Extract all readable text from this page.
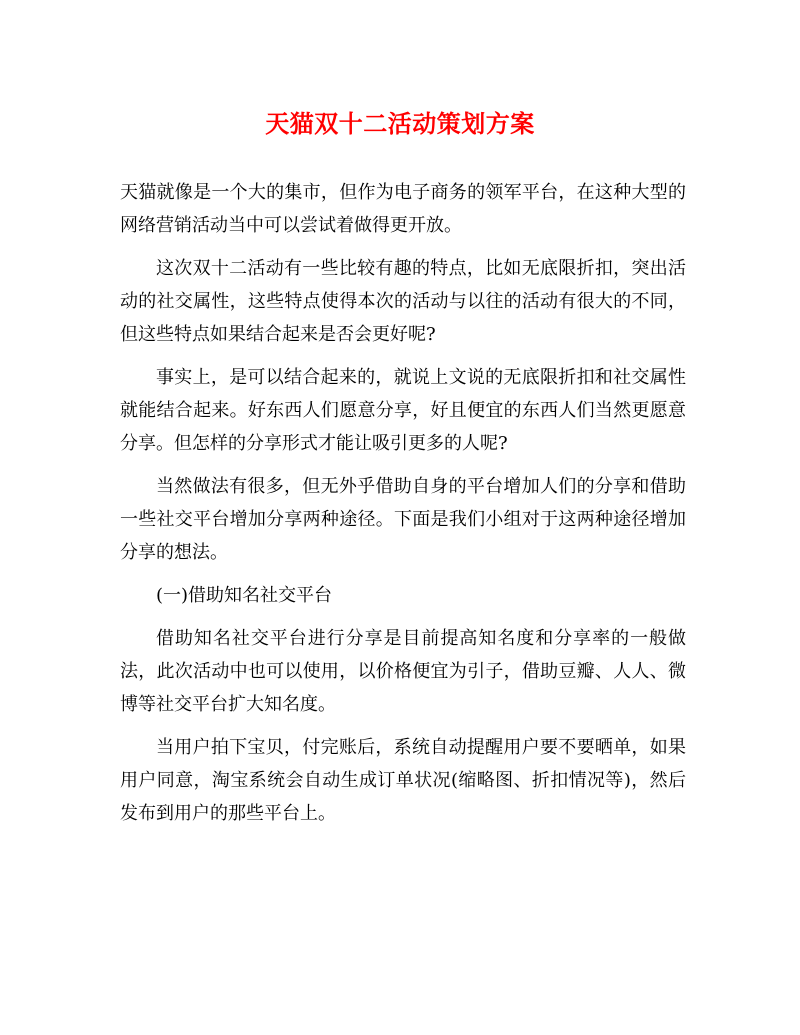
天猫双十二活动策划方案

天猫就像是一个大的集市，但作为电子商务的领军平台，在这种大型的网络营销活动当中可以尝试着做得更开放。

这次双十二活动有一些比较有趣的特点，比如无底限折扣，突出活动的社交属性，这些特点使得本次的活动与以往的活动有很大的不同，但这些特点如果结合起来是否会更好呢?

事实上，是可以结合起来的，就说上文说的无底限折扣和社交属性就能结合起来。好东西人们愿意分享，好且便宜的东西人们当然更愿意分享。但怎样的分享形式才能让吸引更多的人呢?

当然做法有很多，但无外乎借助自身的平台增加人们的分享和借助一些社交平台增加分享两种途径。下面是我们小组对于这两种途径增加分享的想法。

(一)借助知名社交平台

借助知名社交平台进行分享是目前提高知名度和分享率的一般做法，此次活动中也可以使用，以价格便宜为引子，借助豆瓣、人人、微博等社交平台扩大知名度。

当用户拍下宝贝，付完账后，系统自动提醒用户要不要晒单，如果用户同意，淘宝系统会自动生成订单状况(缩略图、折扣情况等)，然后发布到用户的那些平台上。
